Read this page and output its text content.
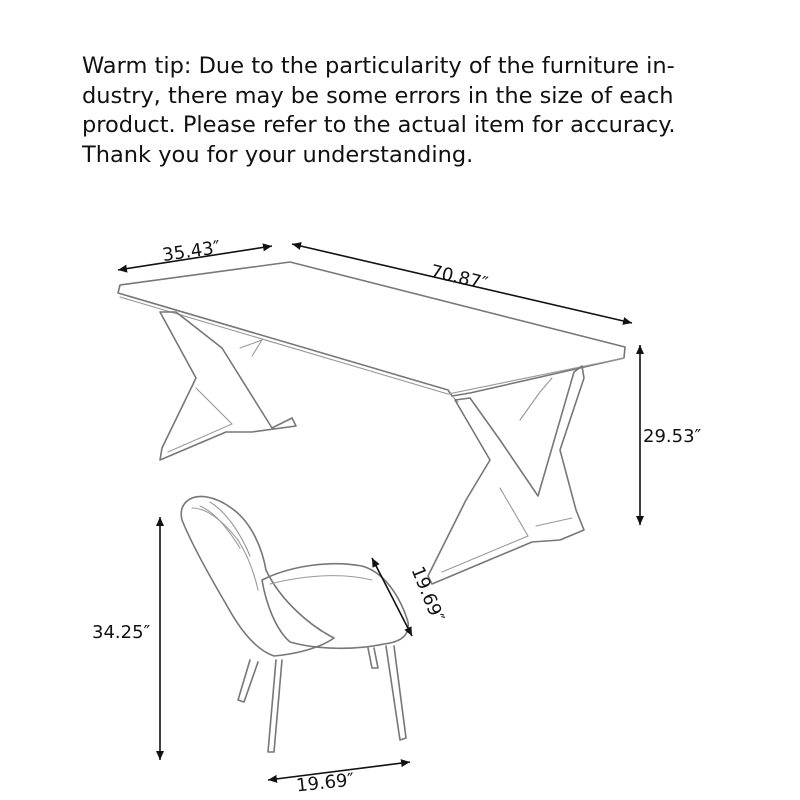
Warm tip: Due to the particularity of the furniture in-
dustry, there may be some errors in the size of each
product. Please refer to the actual item for accuracy.
Thank you for your understanding.
35.43″
70.87″
29.53″
34.25″
19.69″
19.69″
